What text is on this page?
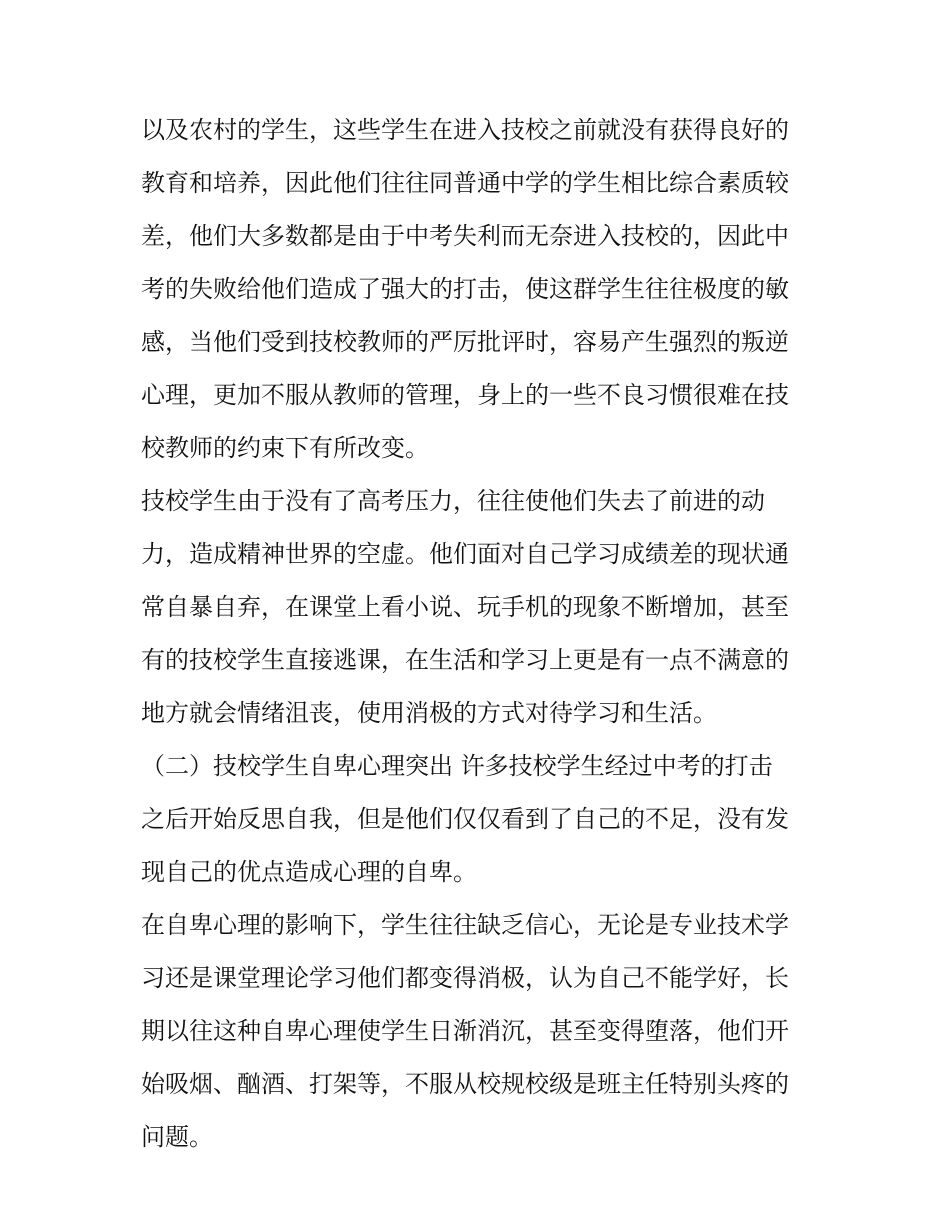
以及农村的学生，这些学生在进入技校之前就没有获得良好的
教育和培养，因此他们往往同普通中学的学生相比综合素质较
差，他们大多数都是由于中考失利而无奈进入技校的，因此中
考的失败给他们造成了强大的打击，使这群学生往往极度的敏
感，当他们受到技校教师的严厉批评时，容易产生强烈的叛逆
心理，更加不服从教师的管理，身上的一些不良习惯很难在技
校教师的约束下有所改变。
技校学生由于没有了高考压力，往往使他们失去了前进的动
力，造成精神世界的空虚。他们面对自己学习成绩差的现状通
常自暴自弃，在课堂上看小说、玩手机的现象不断增加，甚至
有的技校学生直接逃课，在生活和学习上更是有一点不满意的
地方就会情绪沮丧，使用消极的方式对待学习和生活。
（二）技校学生自卑心理突出 许多技校学生经过中考的打击
之后开始反思自我，但是他们仅仅看到了自己的不足，没有发
现自己的优点造成心理的自卑。
在自卑心理的影响下，学生往往缺乏信心，无论是专业技术学
习还是课堂理论学习他们都变得消极，认为自己不能学好，长
期以往这种自卑心理使学生日渐消沉，甚至变得堕落，他们开
始吸烟、酗酒、打架等，不服从校规校级是班主任特别头疼的
问题。
